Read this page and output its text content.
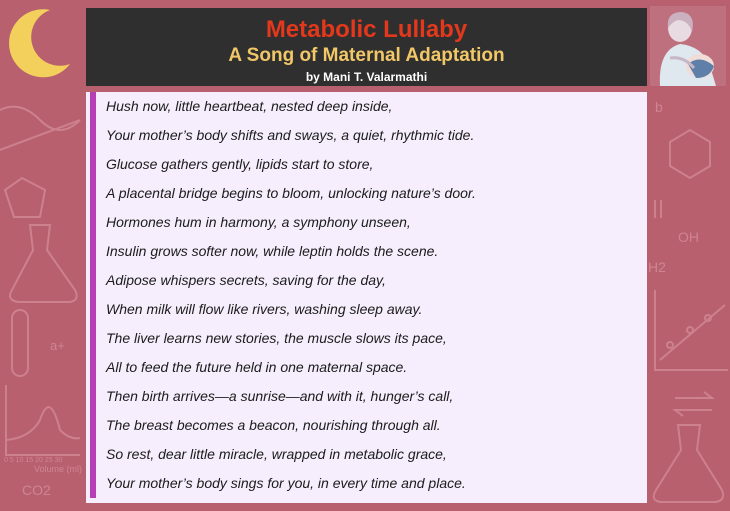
b
OH
H2
a+
Volume (ml)
CO2
0 5 10 15 20 25 30
Metabolic Lullaby
A Song of Maternal Adaptation
by Mani T. Valarmathi
Hush now, little heartbeat, nested deep inside,
Your mother’s body shifts and sways, a quiet, rhythmic tide.
Glucose gathers gently, lipids start to store,
A placental bridge begins to bloom, unlocking nature’s door.
Hormones hum in harmony, a symphony unseen,
Insulin grows softer now, while leptin holds the scene.
Adipose whispers secrets, saving for the day,
When milk will flow like rivers, washing sleep away.
The liver learns new stories, the muscle slows its pace,
All to feed the future held in one maternal space.
Then birth arrives—a sunrise—and with it, hunger’s call,
The breast becomes a beacon, nourishing through all.
So rest, dear little miracle, wrapped in metabolic grace,
Your mother’s body sings for you, in every time and place.
